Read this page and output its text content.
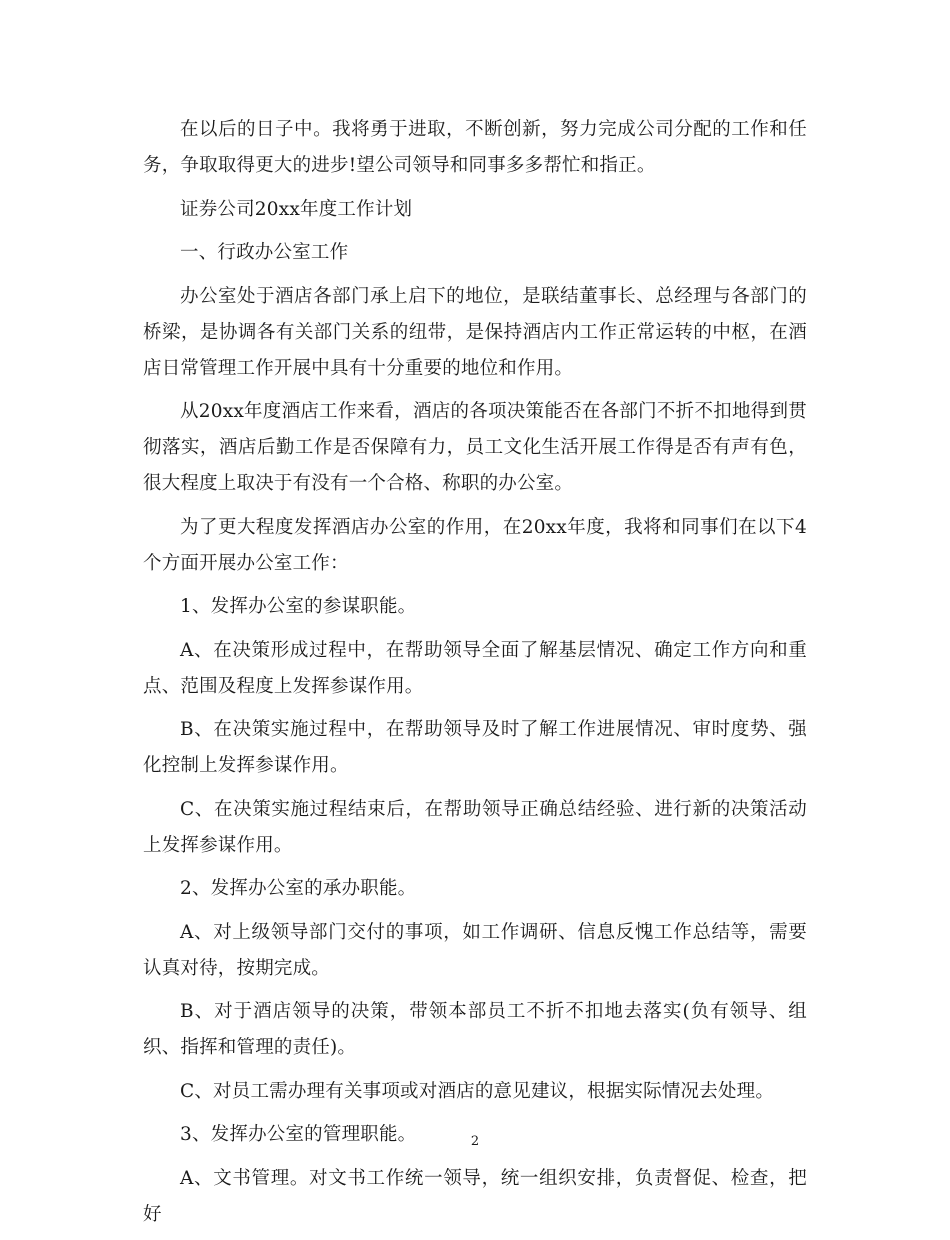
在以后的日子中。我将勇于进取，不断创新，努力完成公司分配的工作和任务，争取取得更大的进步!望公司领导和同事多多帮忙和指正。

证券公司20xx年度工作计划

一、行政办公室工作

办公室处于酒店各部门承上启下的地位，是联结董事长、总经理与各部门的桥梁，是协调各有关部门关系的纽带，是保持酒店内工作正常运转的中枢，在酒店日常管理工作开展中具有十分重要的地位和作用。

从20xx年度酒店工作来看，酒店的各项决策能否在各部门不折不扣地得到贯彻落实，酒店后勤工作是否保障有力，员工文化生活开展工作得是否有声有色，很大程度上取决于有没有一个合格、称职的办公室。

为了更大程度发挥酒店办公室的作用，在20xx年度，我将和同事们在以下4个方面开展办公室工作：

1、发挥办公室的参谋职能。

A、在决策形成过程中，在帮助领导全面了解基层情况、确定工作方向和重点、范围及程度上发挥参谋作用。

B、在决策实施过程中，在帮助领导及时了解工作进展情况、审时度势、强化控制上发挥参谋作用。

C、在决策实施过程结束后，在帮助领导正确总结经验、进行新的决策活动上发挥参谋作用。

2、发挥办公室的承办职能。

A、对上级领导部门交付的事项，如工作调研、信息反愧工作总结等，需要认真对待，按期完成。

B、对于酒店领导的决策，带领本部员工不折不扣地去落实(负有领导、组织、指挥和管理的责任)。

C、对员工需办理有关事项或对酒店的意见建议，根据实际情况去处理。

3、发挥办公室的管理职能。

A、文书管理。对文书工作统一领导，统一组织安排，负责督促、检查，把好

2
